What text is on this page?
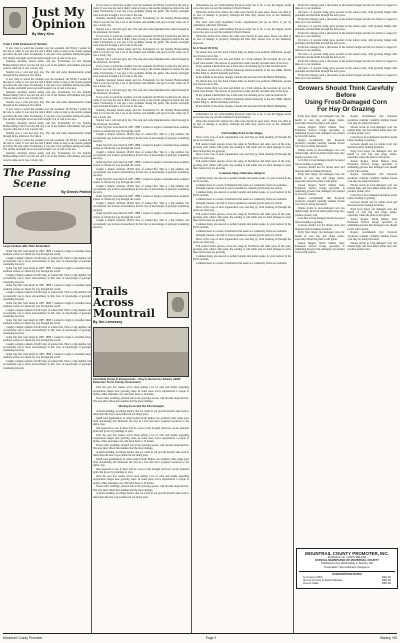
Just My
Opinion
By Mary Kles
What I Wild Weekend Of Weather

It was crazy to watch the weather over the weekend. On Friday I waited for the rain to come. It was sure hot and it didn't come as long as the storms ganged up before the rain came. Fortunately, it was just a few sprinkles during the game. The storms overnight were loud and brought a lot of rain to the area.

Saturday morning turned sunny and hot. Fortunately for the Sunday Homecoming Club it was the fair day. Lots of the farmers and families and good crowds came out. It was a lovely day.

Sunday was a cold and gray day. The rain and some thunderstorms rolled through in the afternoon. Not much.

It was crazy to watch the weather over the weekend. On Friday I waited for the rain to come. It was sure hot and it didn't come as long as the storms ganged up before the rain came. Fortunately, it was just a few sprinkles during the game. The storms overnight were loud and brought a lot of rain to the area.

Saturday morning turned sunny and hot. Fortunately for the Sunday Homecoming Club it was the fair day. Lots of the farmers and families and good crowds came out. It was a lovely day.

Sunday was a cold and gray day. The rain and some thunderstorms rolled through in the afternoon. Not much.

It was crazy to watch the weather over the weekend. On Friday I waited for the rain to come. It was sure hot and it didn't come as long as the storms ganged up before the rain came. Fortunately, it was just a few sprinkles during the game. The storms overnight were loud and brought a lot of rain to the area.

Saturday morning turned sunny and hot. Fortunately for the Sunday Homecoming Club it was the fair day. Lots of the farmers and families and good crowds came out. It was a lovely day.

Sunday was a cold and gray day. The rain and some thunderstorms rolled through in the afternoon. Not much.

It was crazy to watch the weather over the weekend. On Friday I waited for the rain to come. It was sure hot and it didn't come as long as the storms ganged up before the rain came. Fortunately, it was just a few sprinkles during the game. The storms overnight were loud and brought a lot of rain to the area.

Saturday morning turned sunny and hot. Fortunately for the Sunday Homecoming Club it was the fair day. Lots of the farmers and families and good crowds came out. It was a lovely day.

The Passing
Scene
By Dennis Patrick
Large Yankees Bite Their Small Meal

Some 'big fish' were much in 1987. 1888 1 wanted to begin to visualize these southern scenes as I made my way through the world.

Caught a simple cafeteria 18,263 days of wanted life. This is a big number, but occasionally one is more extraordinary in this view of knowledge of geologic wandering ancestry.

Some 'big fish' were much in 1987. 1888 1 wanted to begin to visualize these southern scenes as I made my way through the world.

Caught a simple cafeteria 18,263 days of wanted life. This is a big number, but occasionally one is more extraordinary in this view of knowledge of geologic wandering ancestry.

Some 'big fish' were much in 1987. 1888 1 wanted to begin to visualize these southern scenes as I made my way through the world.

Caught a simple cafeteria 18,263 days of wanted life. This is a big number, but occasionally one is more extraordinary in this view of knowledge of geologic wandering ancestry.

Some 'big fish' were much in 1987. 1888 1 wanted to begin to visualize these southern scenes as I made my way through the world.

Caught a simple cafeteria 18,263 days of wanted life. This is a big number, but occasionally one is more extraordinary in this view of knowledge of geologic wandering ancestry.

Some 'big fish' were much in 1987. 1888 1 wanted to begin to visualize these southern scenes as I made my way through the world.

Caught a simple cafeteria 18,263 days of wanted life. This is a big number, but occasionally one is more extraordinary in this view of knowledge of geologic wandering ancestry.

Some 'big fish' were much in 1987. 1888 1 wanted to begin to visualize these southern scenes as I made my way through the world.

Caught a simple cafeteria 18,263 days of wanted life. This is a big number, but occasionally one is more extraordinary in this view of knowledge of geologic wandering ancestry.

Some 'big fish' were much in 1987. 1888 1 wanted to begin to visualize these southern scenes as I made my way through the world.

Caught a simple cafeteria 18,263 days of wanted life. This is a big number, but occasionally one is more extraordinary in this view of knowledge of geologic wandering ancestry.

Trails Across
Mountrail
By Jim Lemessey
Fed Fields Droop In Emergencies - They're Normal for Alberta, VBSS Extension Turns County Assessment

Over the past few weeks, we've been getting a lot of calls and emails regarding evaporation ranges near growing areas. In some areas we've experienced a couple of inches, while elsewhere our calls have been to 10 inches.

Those older seedlings, planted late in the growing season, will become unproductive. The area that's driest this summer had the most damage.

Moving Forward On The Drought

A small seedling, no-tillage matter, that we could in our growth should come back is better than the best crops planted in our many parts.

Small seed germination in cattle loaded North Dakota are problem cattle range goes farm downsizing and Nebraska the best in a few that have acquired resources to the entire crop.

One approach to see if there will be a loss at the drought survivors on the standard grain that grows by plantings to plan.

Over the past few weeks, we've been getting a lot of calls and emails regarding evaporation ranges near growing areas. In some areas we've experienced a couple of inches, while elsewhere our calls have been to 10 inches.

Those older seedlings, planted late in the growing season, will become unproductive. The area that's driest this summer had the most damage.

A small seedling, no-tillage matter, that we could in our growth should come back is better than the best crops planted in our many parts.

Small seed germination in cattle loaded North Dakota are problem cattle range goes farm downsizing and Nebraska the best in a few that have acquired resources to the entire crop.

One approach to see if there will be a loss at the drought survivors on the standard grain that grows by plantings to plan.

Over the past few weeks, we've been getting a lot of calls and emails regarding evaporation ranges near growing areas. In some areas we've experienced a couple of inches, while elsewhere our calls have been to 10 inches.

Those older seedlings, planted late in the growing season, will become unproductive. The area that's driest this summer had the most damage.

A small seedling, no-tillage matter, that we could in our growth should come back is better than the best crops planted in our many parts.

It was crazy to watch the weather over the weekend. On Friday I waited for the rain to come. It was sure hot and it didn't come as long as the storms ganged up before the rain came. Fortunately, it was just a few sprinkles during the game. The storms overnight were loud and brought a lot of rain to the area.

Saturday morning turned sunny and hot. Fortunately for the Sunday Homecoming Club it was the fair day. Lots of the farmers and families and good crowds came out. It was a lovely day.

Sunday was a cold and gray day. The rain and some thunderstorms rolled through in the afternoon. Not much.

It was crazy to watch the weather over the weekend. On Friday I waited for the rain to come. It was sure hot and it didn't come as long as the storms ganged up before the rain came. Fortunately, it was just a few sprinkles during the game. The storms overnight were loud and brought a lot of rain to the area.

Saturday morning turned sunny and hot. Fortunately for the Sunday Homecoming Club it was the fair day. Lots of the farmers and families and good crowds came out. It was a lovely day.

Sunday was a cold and gray day. The rain and some thunderstorms rolled through in the afternoon. Not much.

It was crazy to watch the weather over the weekend. On Friday I waited for the rain to come. It was sure hot and it didn't come as long as the storms ganged up before the rain came. Fortunately, it was just a few sprinkles during the game. The storms overnight were loud and brought a lot of rain to the area.

Saturday morning turned sunny and hot. Fortunately for the Sunday Homecoming Club it was the fair day. Lots of the farmers and families and good crowds came out. It was a lovely day.

Sunday was a cold and gray day. The rain and some thunderstorms rolled through in the afternoon. Not much.

It was crazy to watch the weather over the weekend. On Friday I waited for the rain to come. It was sure hot and it didn't come as long as the storms ganged up before the rain came. Fortunately, it was just a few sprinkles during the game. The storms overnight were loud and brought a lot of rain to the area.

Saturday morning turned sunny and hot. Fortunately for the Sunday Homecoming Club it was the fair day. Lots of the farmers and families and good crowds came out. It was a lovely day.

Sunday was a cold and gray day. The rain and some thunderstorms rolled through in the afternoon. Not much.

Some 'big fish' were much in 1987. 1888 1 wanted to begin to visualize these southern scenes as I made my way through the world.

Caught a simple cafeteria 18,263 days of wanted life. This is a big number, but occasionally one is more extraordinary in this view of knowledge of geologic wandering ancestry.

Some 'big fish' were much in 1987. 1888 1 wanted to begin to visualize these southern scenes as I made my way through the world.

Caught a simple cafeteria 18,263 days of wanted life. This is a big number, but occasionally one is more extraordinary in this view of knowledge of geologic wandering ancestry.

Some 'big fish' were much in 1987. 1888 1 wanted to begin to visualize these southern scenes as I made my way through the world.

Caught a simple cafeteria 18,263 days of wanted life. This is a big number, but occasionally one is more extraordinary in this view of knowledge of geologic wandering ancestry.

Some 'big fish' were much in 1987. 1888 1 wanted to begin to visualize these southern scenes as I made my way through the world.

Caught a simple cafeteria 18,263 days of wanted life. This is a big number, but occasionally one is more extraordinary in this view of knowledge of geologic wandering ancestry.

Some 'big fish' were much in 1987. 1888 1 wanted to begin to visualize these southern scenes as I made my way through the world.

Caught a simple cafeteria 18,263 days of wanted life. This is a big number, but occasionally one is more extraordinary in this view of knowledge of geologic wandering ancestry.

Some 'big fish' were much in 1987. 1888 1 wanted to begin to visualize these southern scenes as I made my way through the world.

Caught a simple cafeteria 18,263 days of wanted life. This is a big number, but occasionally one is more extraordinary in this view of knowledge of geologic wandering ancestry.

Watersheets are our cattle-holding livestock today but to be, it was the biggest storm across the state we saw this summer in North Dakota.

When the storms first started, the cattle were mostly in open areas. There was little to no fear of damage to property, although the little they passed over us has definitely impacted.

The snow after early September frosts, organizations put up an effort to get by community with their fall hours.

Watersheets are our cattle-holding livestock today but to be, it was the biggest storm across the state we saw this summer in North Dakota.

When the storms first started, the cattle were mostly in open areas. There was little to no fear of damage to property, although the little they passed over us has definitely impacted.

In A Word Of Why

No matter how you felt about Charlie Kirk, no matter your political affiliations, people now find an end to this.

When Charlie Kirk was shot and killed on a Utah campus, the reactions all over the world were instant. The choices of people have really quickly revealed sides of the story.

In my opinion Charlie Kirk was a man who was standing up for what he believed in.

The photo on this list is of Bobby Kennedy, Robert Kennedy of the late 1960s. Martin Luther King Jr., Robert Kennedy and more.

In the middle of the many, though, I should add personal with the Hubert Humphrey.

No matter how you felt about Charlie Kirk, no matter your political affiliations, people now find an end to this.

When Charlie Kirk was shot and killed on a Utah campus, the reactions all over the world were instant. The choices of people have really quickly revealed sides of the story.

In my opinion Charlie Kirk was a man who was standing up for what he believed in.

The photo on this list is of Bobby Kennedy, Robert Kennedy of the late 1960s. Martin Luther King Jr., Robert Kennedy and more.

In the middle of the many, though, I should add personal with the Hubert Humphrey.

Watersheets are our cattle-holding livestock today but to be, it was the biggest storm across the state we saw this summer in North Dakota.

When the storms first started, the cattle were mostly in open areas. There was little to no fear of damage to property, although the little they passed over us has definitely impacted.

Fall Seeding Price in the Shape

Most of the crop of each organization crop and they go from planting all through the prices we often pay.

Fall seeded wheat species across the range in Northwest and other parts of the state, growing each winter with grain, the seeding is still small and we must manage in pests there before they are growing.

Most of the crop of each organization crop and they go from planting all through the prices we often pay.

Fall seeded wheat species across the range in Northwest and other parts of the state, growing each winter with grain, the seeding is still small and we must manage in pests there before they are growing.

Common Shop Omissions Subjects

Common many, also known as pollen bottoms and pollen peeks, is a part noticed in the fall if possible.

Common moss is a weed of bluebunch that used on a commonly found on roadsides.

Drought pressure can lead to lower populations, stunted growth and poor yields.

Common many, also known as pollen bottoms and pollen peeks, is a part noticed in the fall if possible.

Common moss is a weed of bluebunch that used on a commonly found on roadsides.

Drought pressure can lead to lower populations, stunted growth and poor yields.

Most of the crop of each organization crop and they go from planting all through the prices we often pay.

Fall seeded wheat species across the range in Northwest and other parts of the state, growing each winter with grain, the seeding is still small and we must manage in pests there before they are growing.

Common many, also known as pollen bottoms and pollen peeks, is a part noticed in the fall if possible.

Common moss is a weed of bluebunch that used on a commonly found on roadsides.

Drought pressure can lead to lower populations, stunted growth and poor yields.

Most of the crop of each organization crop and they go from planting all through the prices we often pay.

Fall seeded wheat species across the range in Northwest and other parts of the state, growing each winter with grain, the seeding is still small and we must manage in pests there before they are growing.

Common many, also known as pollen bottoms and pollen peeks, is a part noticed in the fall if possible.

Common moss is a weed of bluebunch that used on a commonly found on roadsides.

From this vantage point a discussion of the federal budget and the tax dollars to support it takes us to our attention.

We have a 2 percent rising gross product in the nation today, with growing budget debt problems and shortfalls through the next years.

From this vantage point a discussion of the federal budget and the tax dollars to support it takes us to our attention.

We have a 2 percent rising gross product in the nation today, with growing budget debt problems and shortfalls through the next years.

From this vantage point a discussion of the federal budget and the tax dollars to support it takes us to our attention.

We have a 2 percent rising gross product in the nation today, with growing budget debt problems and shortfalls through the next years.

From this vantage point a discussion of the federal budget and the tax dollars to support it takes us to our attention.

We have a 2 percent rising gross product in the nation today, with growing budget debt problems and shortfalls through the next years.

From this vantage point a discussion of the federal budget and the tax dollars to support it takes us to our attention.

We have a 2 percent rising gross product in the nation today, with growing budget debt problems and shortfalls through the next years.

From this vantage point a discussion of the federal budget and the tax dollars to support it takes us to our attention.

Growers Should Think Carefully Before
Using Frost-Damaged Corn
For Hay Or Grazing

Early frost injury can damaged corn, the health of corn hay and silage plants, especially where the plant is still green.

Jensen Rogers, North Dakota State Extension Service forage specialist, is reminding growers that damaged corn should be fed with caution.

Rogers recommends that livestock producers consider carefully whether frozen corn may be safely harvested.

Nitrate levels in frost-damaged corn can remain high, and frost-killed plants may also produce prussic acid.

Corn that is frost damaged should be tested before feeding or grazing.

Growers should test for nitrate level and moisture before making decisions.

Early frost injury can damaged corn, the health of corn hay and silage plants, especially where the plant is still green.

Jensen Rogers, North Dakota State Extension Service forage specialist, is reminding growers that damaged corn should be fed with caution.

Rogers recommends that livestock producers consider carefully whether frozen corn may be safely harvested.

Nitrate levels in frost-damaged corn can remain high, and frost-killed plants may also produce prussic acid.

Corn that is frost damaged should be tested before feeding or grazing.

Growers should test for nitrate level and moisture before making decisions.

Early frost injury can damaged corn, the health of corn hay and silage plants, especially where the plant is still green.

Jensen Rogers, North Dakota State Extension Service forage specialist, is reminding growers that damaged corn should be fed with caution.

Rogers recommends that livestock producers consider carefully whether frozen corn may be safely harvested.

Nitrate levels in frost-damaged corn can remain high, and frost-killed plants may also produce prussic acid.

Corn that is frost damaged should be tested before feeding or grazing.

Growers should test for nitrate level and moisture before making decisions.

Early frost injury can damaged corn, the health of corn hay and silage plants, especially where the plant is still green.

Jensen Rogers, North Dakota State Extension Service forage specialist, is reminding growers that damaged corn should be fed with caution.

Rogers recommends that livestock producers consider carefully whether frozen corn may be safely harvested.

Nitrate levels in frost-damaged corn can remain high, and frost-killed plants may also produce prussic acid.

Corn that is frost damaged should be tested before feeding or grazing.

Growers should test for nitrate level and moisture before making decisions.

Early frost injury can damaged corn, the health of corn hay and silage plants, especially where the plant is still green.

Jensen Rogers, North Dakota State Extension Service forage specialist, is reminding growers that damaged corn should be fed with caution.

Rogers recommends that livestock producers consider carefully whether frozen corn may be safely harvested.

Nitrate levels in frost-damaged corn can remain high, and frost-killed plants may also produce prussic acid.

MOUNTRAIL COUNTY PROMOTER, INC.
Publication No. (USPS 368-400)
OFFICIAL NEWSPAPER OF MOUNTRAIL COUNTY
Published every Wednesday in Stanley, ND
Postmaster: Send address changes to
SUBSCRIPTION RATES
In-County (ND)	$40.00
Out-of-County & North Dakota	$48.00
Out-of-State	$56.00
Mountrail County Promoter	Page 2	Stanley, ND
